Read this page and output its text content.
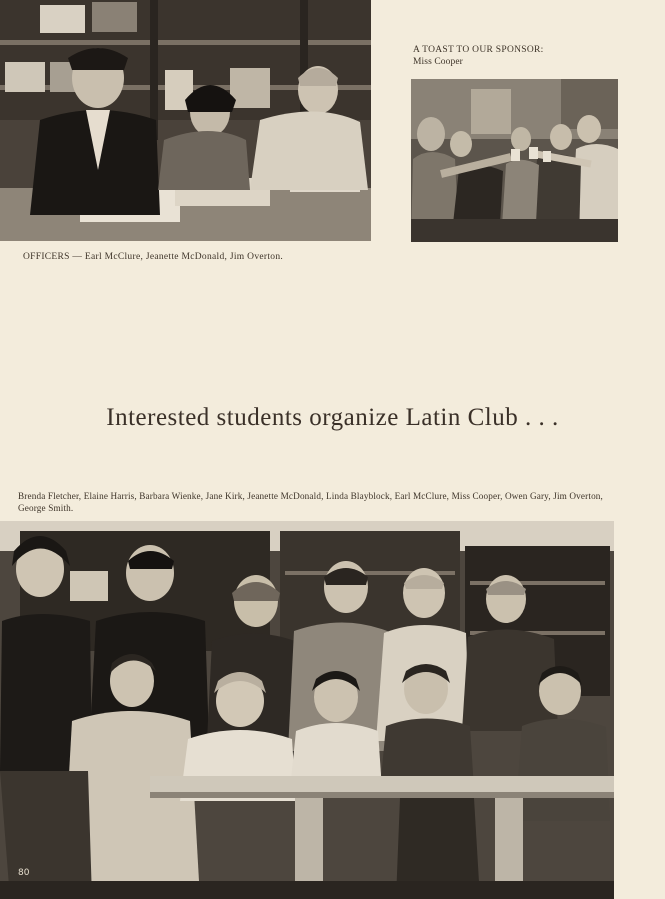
OFFICERS — Earl McClure, Jeanette McDonald, Jim Overton.
A TOAST TO OUR SPONSOR:
Miss Cooper
Interested students organize Latin Club . . .
Brenda Fletcher, Elaine Harris, Barbara Wienke, Jane Kirk, Jeanette McDonald, Linda Blayblock, Earl McClure, Miss Cooper, Owen Gary, Jim Overton, George Smith.
80
